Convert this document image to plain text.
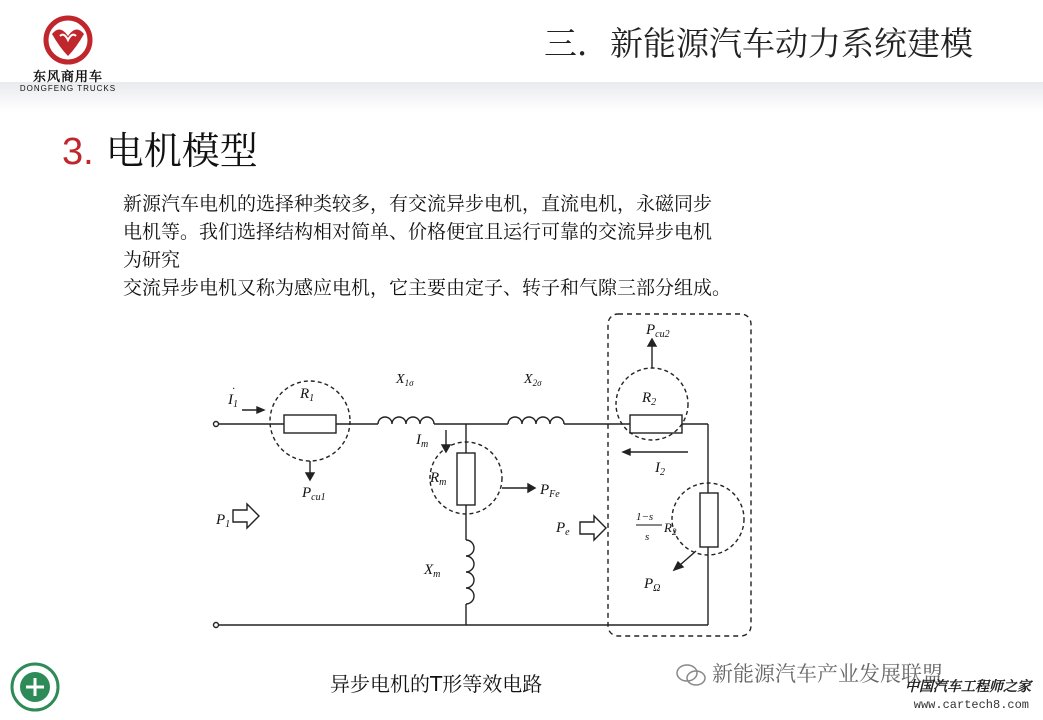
东风商用车
DONGFENG TRUCKS
三．新能源汽车动力系统建模
3. 电机模型

新源汽车电机的选择种类较多，有交流异步电机，直流电机，永磁同步

电机等。我们选择结构相对简单、价格便宜且运行可靠的交流异步电机

为研究

交流异步电机又称为感应电机，它主要由定子、转子和气隙三部分组成。

$I_1$
·	$R_1$
$X_{1\sigma}$	$X_{2\sigma}$
$I_m$
$R_m$	$P_{Fe}$
$P_{cu1}$
$P_1$
$X_m$
$P_{cu2}$
$R_2$
$I_2$
$P_e$
1−s
s
$R_2$
$P_\Omega$
异步电机的T形等效电路	新能源汽车产业发展联盟
中国汽车工程师之家
www.cartech8.com
